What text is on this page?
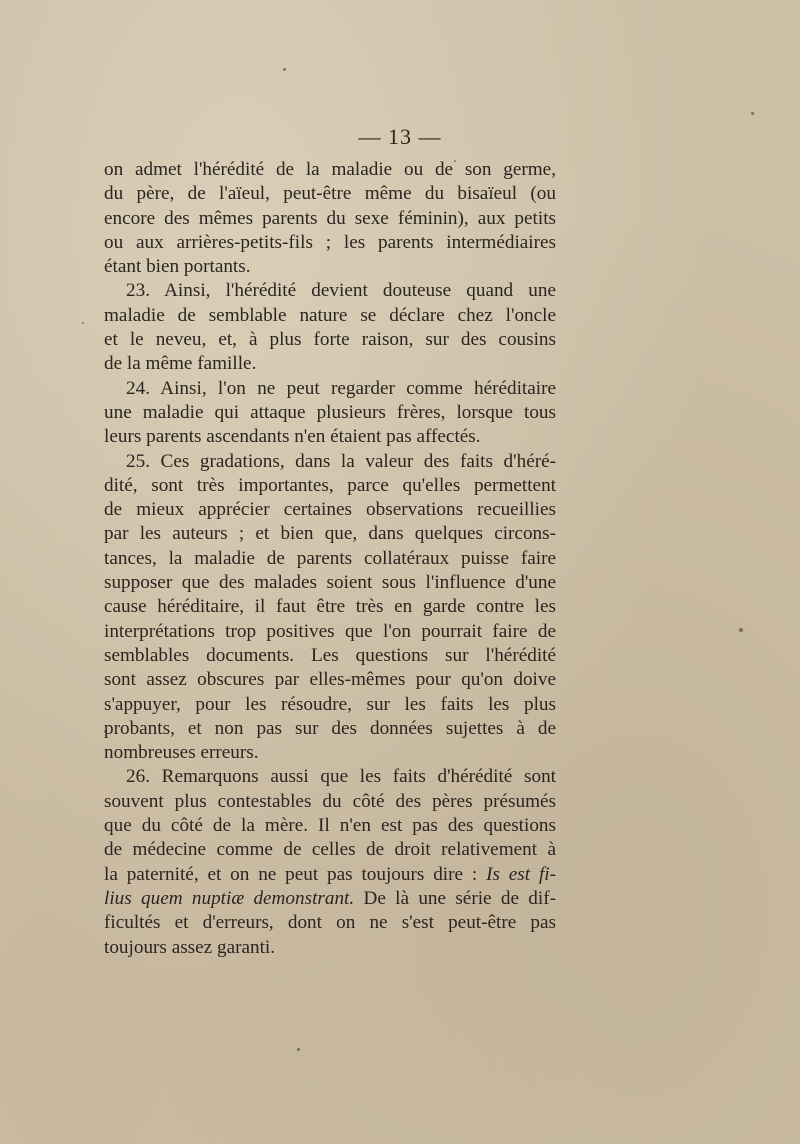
— 13 —
on admet l'hérédité de la maladie ou de son germe,
du père, de l'aïeul, peut-être même du bisaïeul (ou
encore des mêmes parents du sexe féminin), aux petits
ou aux arrières-petits-fils ; les parents intermédiaires
étant bien portants.
23. Ainsi, l'hérédité devient douteuse quand une
maladie de semblable nature se déclare chez l'oncle
et le neveu, et, à plus forte raison, sur des cousins
de la même famille.
24. Ainsi, l'on ne peut regarder comme héréditaire
une maladie qui attaque plusieurs frères, lorsque tous
leurs parents ascendants n'en étaient pas affectés.
25. Ces gradations, dans la valeur des faits d'héré-
dité, sont très importantes, parce qu'elles permettent
de mieux apprécier certaines observations recueillies
par les auteurs ; et bien que, dans quelques circons-
tances, la maladie de parents collatéraux puisse faire
supposer que des malades soient sous l'influence d'une
cause héréditaire, il faut être très en garde contre les
interprétations trop positives que l'on pourrait faire de
semblables documents. Les questions sur l'hérédité
sont assez obscures par elles-mêmes pour qu'on doive
s'appuyer, pour les résoudre, sur les faits les plus
probants, et non pas sur des données sujettes à de
nombreuses erreurs.
26. Remarquons aussi que les faits d'hérédité sont
souvent plus contestables du côté des pères présumés
que du côté de la mère. Il n'en est pas des questions
de médecine comme de celles de droit relativement à
la paternité, et on ne peut pas toujours dire : Is est fi-
lius quem nuptiæ demonstrant. De là une série de dif-
ficultés et d'erreurs, dont on ne s'est peut-être pas
toujours assez garanti.
